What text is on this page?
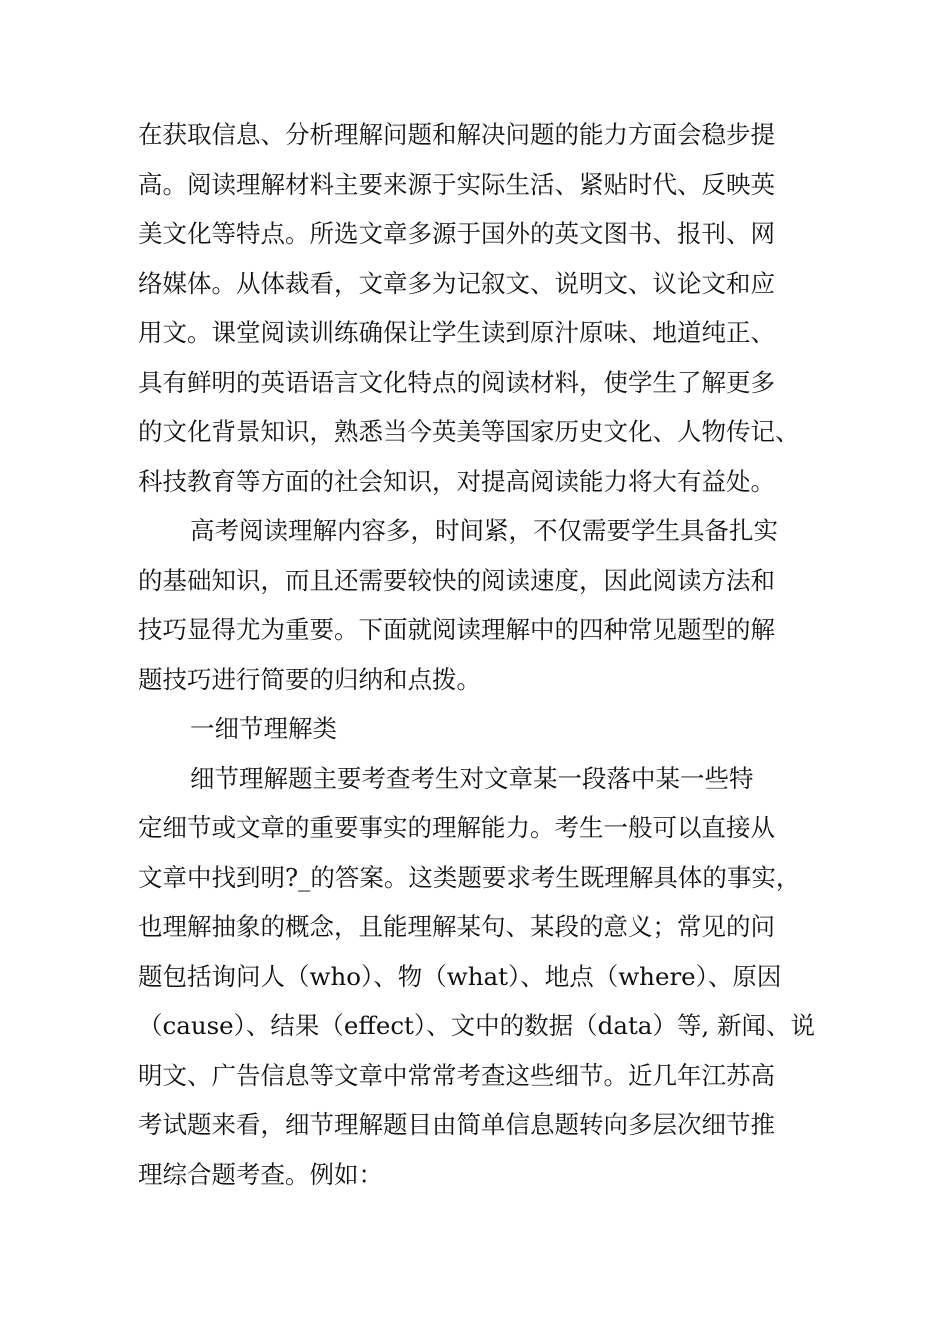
在获取信息、分析理解问题和解决问题的能力方面会稳步提
高。阅读理解材料主要来源于实际生活、紧贴时代、反映英
美文化等特点。所选文章多源于国外的英文图书、报刊、网
络媒体。从体裁看，文章多为记叙文、说明文、议论文和应
用文。课堂阅读训练确保让学生读到原汁原味、地道纯正、
具有鲜明的英语语言文化特点的阅读材料，使学生了解更多
的文化背景知识，熟悉当今英美等国家历史文化、人物传记、
科技教育等方面的社会知识，对提高阅读能力将大有益处。
高考阅读理解内容多，时间紧，不仅需要学生具备扎实
的基础知识，而且还需要较快的阅读速度，因此阅读方法和
技巧显得尤为重要。下面就阅读理解中的四种常见题型的解
题技巧进行简要的归纳和点拨。
一细节理解类
细节理解题主要考查考生对文章某一段落中某一些特
定细节或文章的重要事实的理解能力。考生一般可以直接从
文章中找到明?_的答案。这类题要求考生既理解具体的事实，
也理解抽象的概念，且能理解某句、某段的意义；常见的问
题包括询问人（who）、物（what）、地点（where）、原因
（cause）、结果（effect）、文中的数据（data）等, 新闻、说
明文、广告信息等文章中常常考查这些细节。近几年江苏高
考试题来看，细节理解题目由简单信息题转向多层次细节推
理综合题考查。例如：
